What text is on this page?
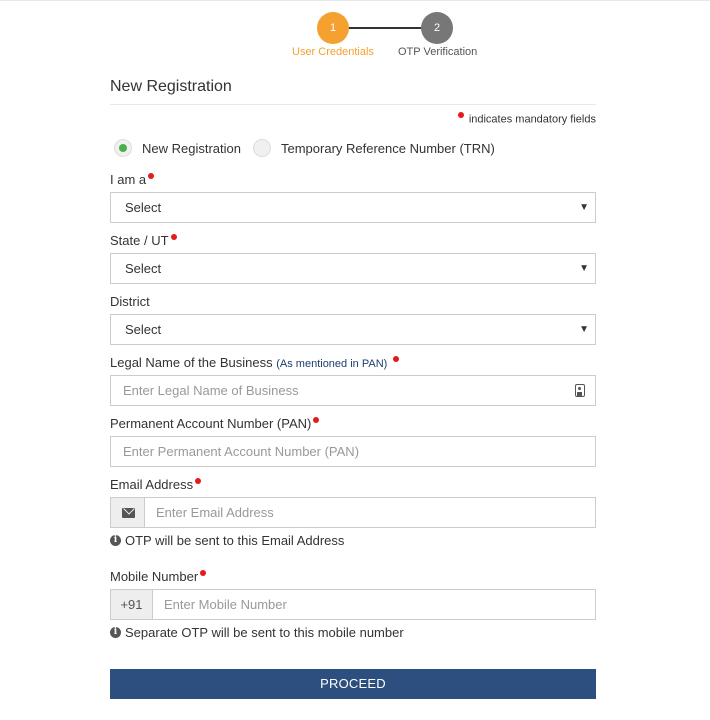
1	2
User Credentials OTP Verification
New Registration
indicates mandatory fields
New Registration	Temporary Reference Number (TRN)
I am a
Select	▼
State / UT
Select	▼
District
Select	▼
Legal Name of the Business (As mentioned in PAN)
Enter Legal Name of Business
Permanent Account Number (PAN)
Enter Permanent Account Number (PAN)
Email Address
Enter Email Address
i OTP will be sent to this Email Address
Mobile Number
+91	Enter Mobile Number
i Separate OTP will be sent to this mobile number
PROCEED
